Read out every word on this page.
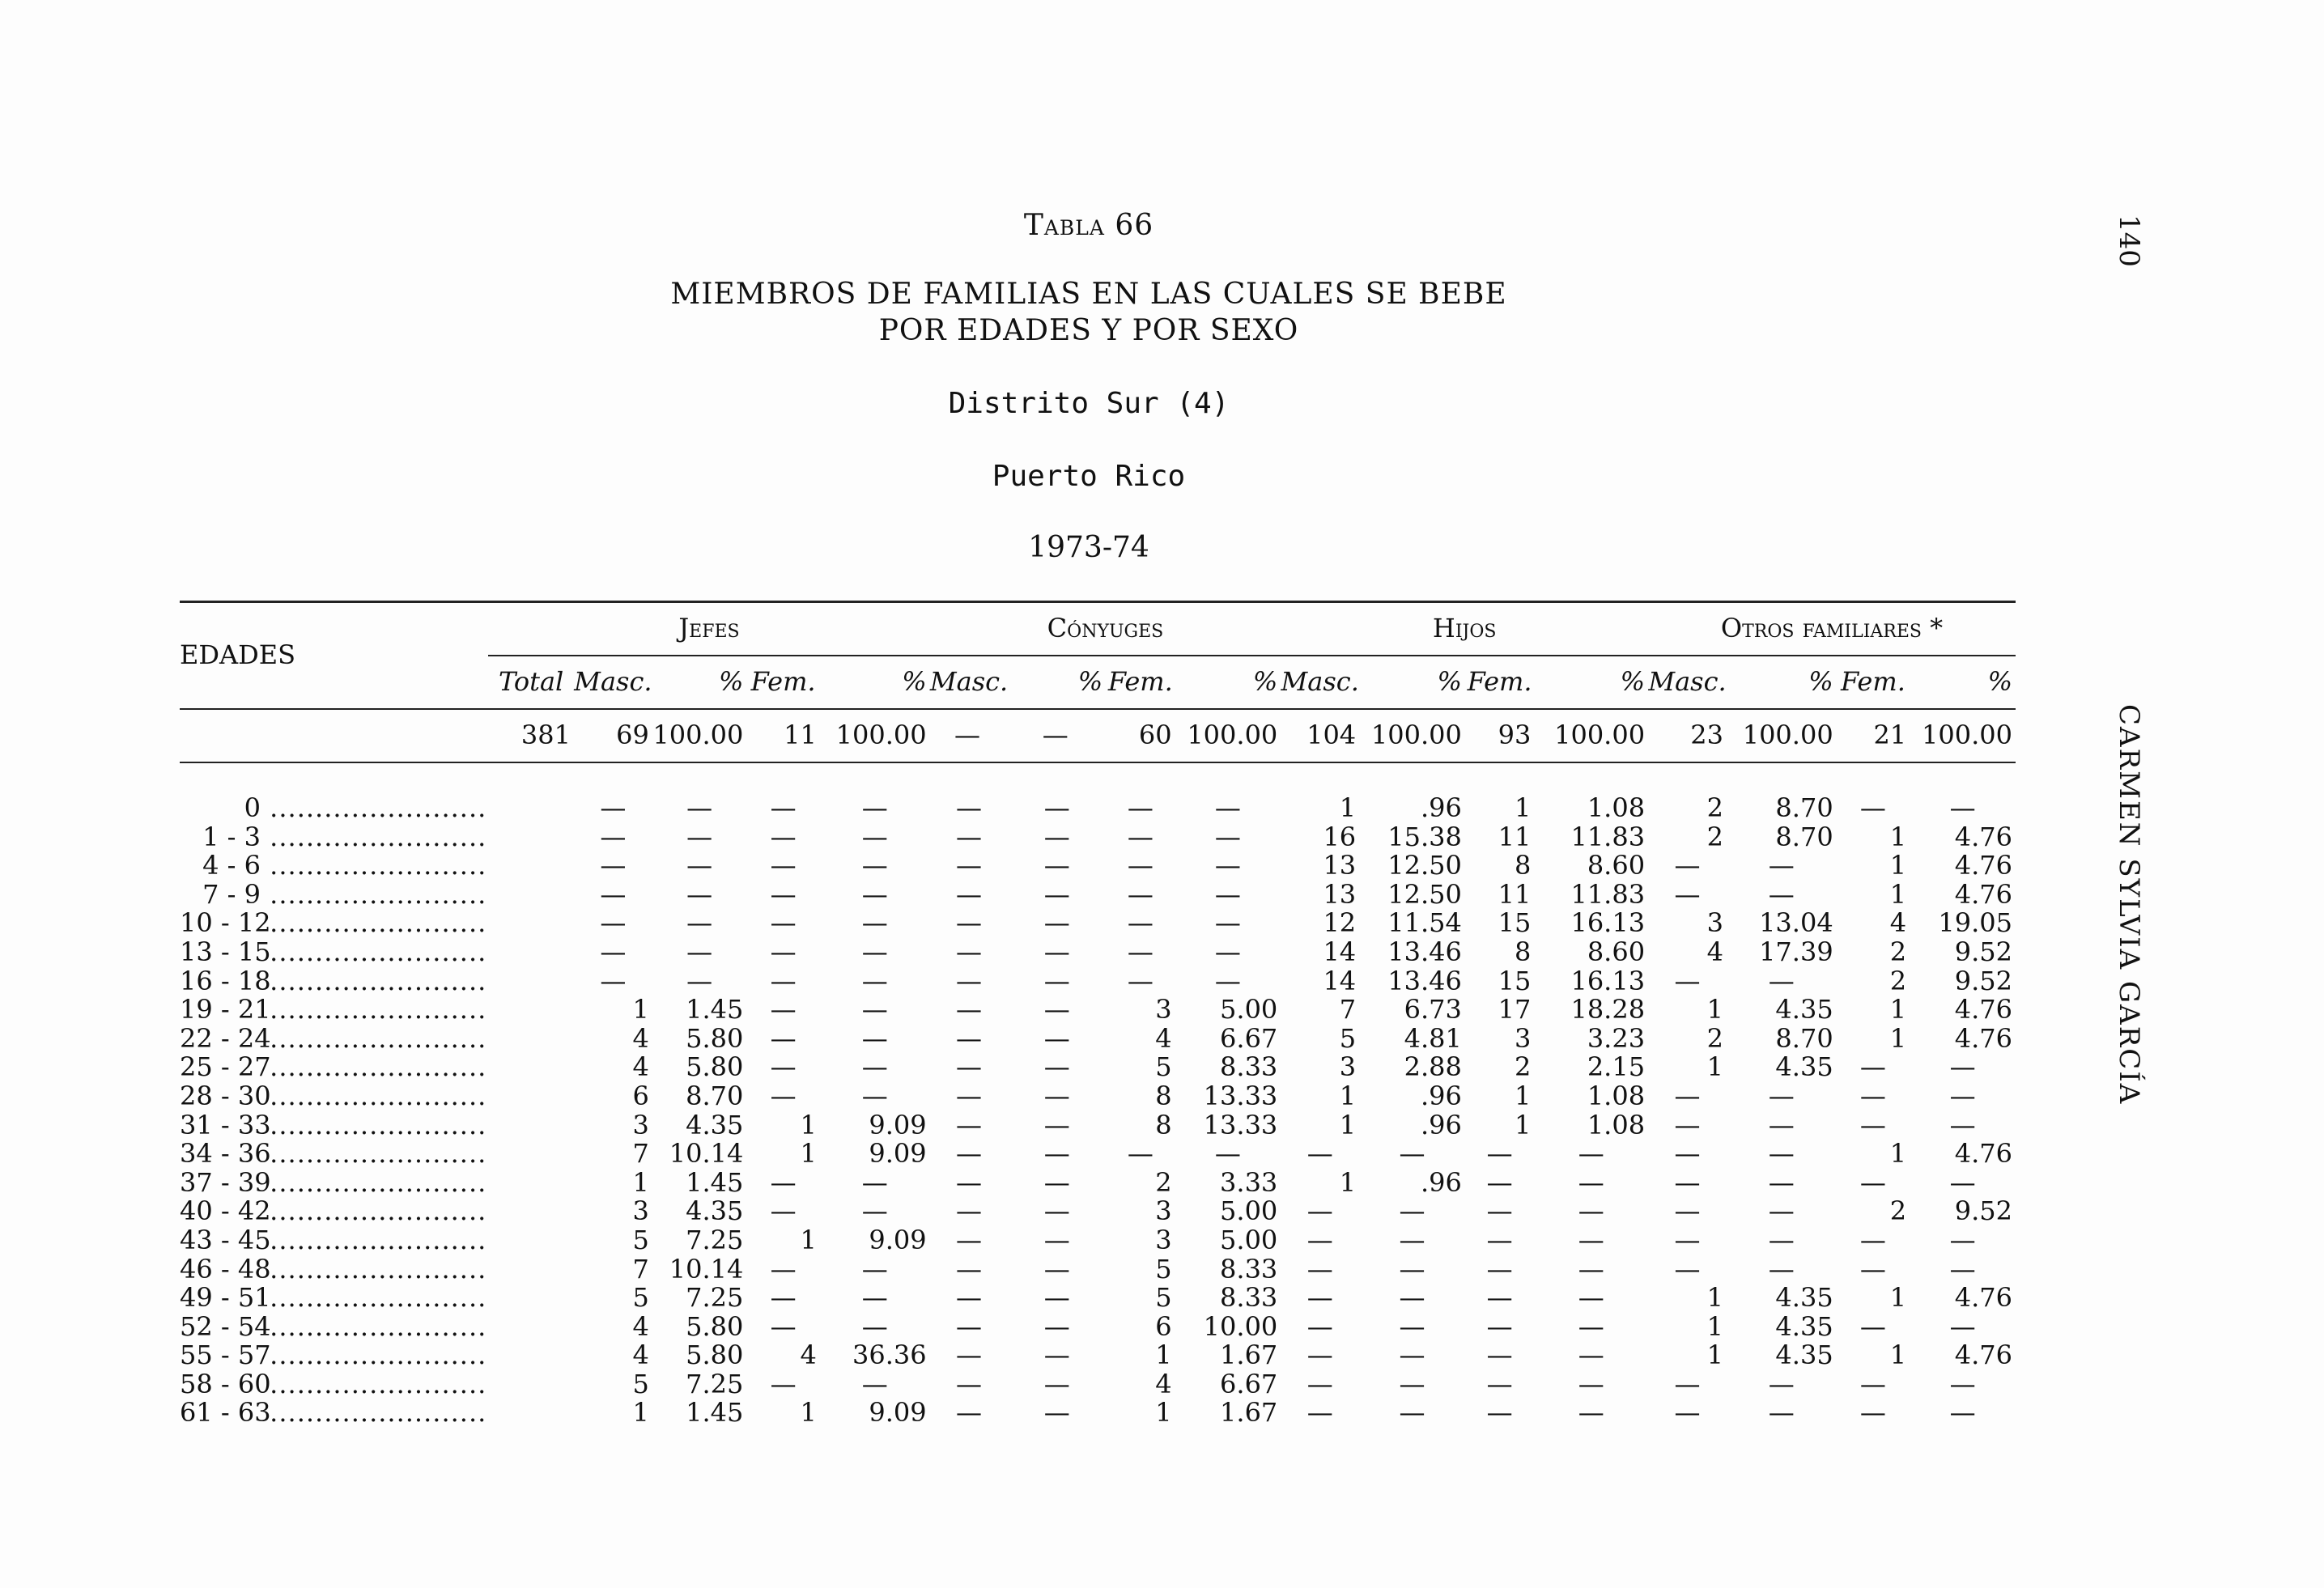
Tabla 66
MIEMBROS DE FAMILIAS EN LAS CUALES SE BEBE
POR EDADES Y POR SEXO
Distrito Sur (4)
Puerto Rico
1973-74
140
CARMEN SYLVIA GARCÍA
EDADES	Jefes					Cónyuges				Hijos				Otros familiares *			
	Total	Masc.	%	Fem.	%	Masc.	%	Fem.	%	Masc.	%	Fem.	%	Masc.	%	Fem.	%
	381	69	100.00	11	100.00	—	—	60	100.00	104	100.00	93	100.00	23	100.00	21	100.00

0 ........................		—	—	—	—	—	—	—	—	1	.96	1	1.08	2	8.70	—	—
1 - 3 ........................		—	—	—	—	—	—	—	—	16	15.38	11	11.83	2	8.70	1	4.76
4 - 6 ........................		—	—	—	—	—	—	—	—	13	12.50	8	8.60	—	—	1	4.76
7 - 9 ........................		—	—	—	—	—	—	—	—	13	12.50	11	11.83	—	—	1	4.76
10 - 12 ........................		—	—	—	—	—	—	—	—	12	11.54	15	16.13	3	13.04	4	19.05
13 - 15 ........................		—	—	—	—	—	—	—	—	14	13.46	8	8.60	4	17.39	2	9.52
16 - 18 ........................		—	—	—	—	—	—	—	—	14	13.46	15	16.13	—	—	2	9.52
19 - 21 ........................		1	1.45	—	—	—	—	3	5.00	7	6.73	17	18.28	1	4.35	1	4.76
22 - 24 ........................		4	5.80	—	—	—	—	4	6.67	5	4.81	3	3.23	2	8.70	1	4.76
25 - 27 ........................		4	5.80	—	—	—	—	5	8.33	3	2.88	2	2.15	1	4.35	—	—
28 - 30 ........................		6	8.70	—	—	—	—	8	13.33	1	.96	1	1.08	—	—	—	—
31 - 33 ........................		3	4.35	1	9.09	—	—	8	13.33	1	.96	1	1.08	—	—	—	—
34 - 36 ........................		7	10.14	1	9.09	—	—	—	—	—	—	—	—	—	—	1	4.76
37 - 39 ........................		1	1.45	—	—	—	—	2	3.33	1	.96	—	—	—	—	—	—
40 - 42 ........................		3	4.35	—	—	—	—	3	5.00	—	—	—	—	—	—	2	9.52
43 - 45 ........................		5	7.25	1	9.09	—	—	3	5.00	—	—	—	—	—	—	—	—
46 - 48 ........................		7	10.14	—	—	—	—	5	8.33	—	—	—	—	—	—	—	—
49 - 51 ........................		5	7.25	—	—	—	—	5	8.33	—	—	—	—	1	4.35	1	4.76
52 - 54 ........................		4	5.80	—	—	—	—	6	10.00	—	—	—	—	1	4.35	—	—
55 - 57 ........................		4	5.80	4	36.36	—	—	1	1.67	—	—	—	—	1	4.35	1	4.76
58 - 60 ........................		5	7.25	—	—	—	—	4	6.67	—	—	—	—	—	—	—	—
61 - 63 ........................		1	1.45	1	9.09	—	—	1	1.67	—	—	—	—	—	—	—	—
